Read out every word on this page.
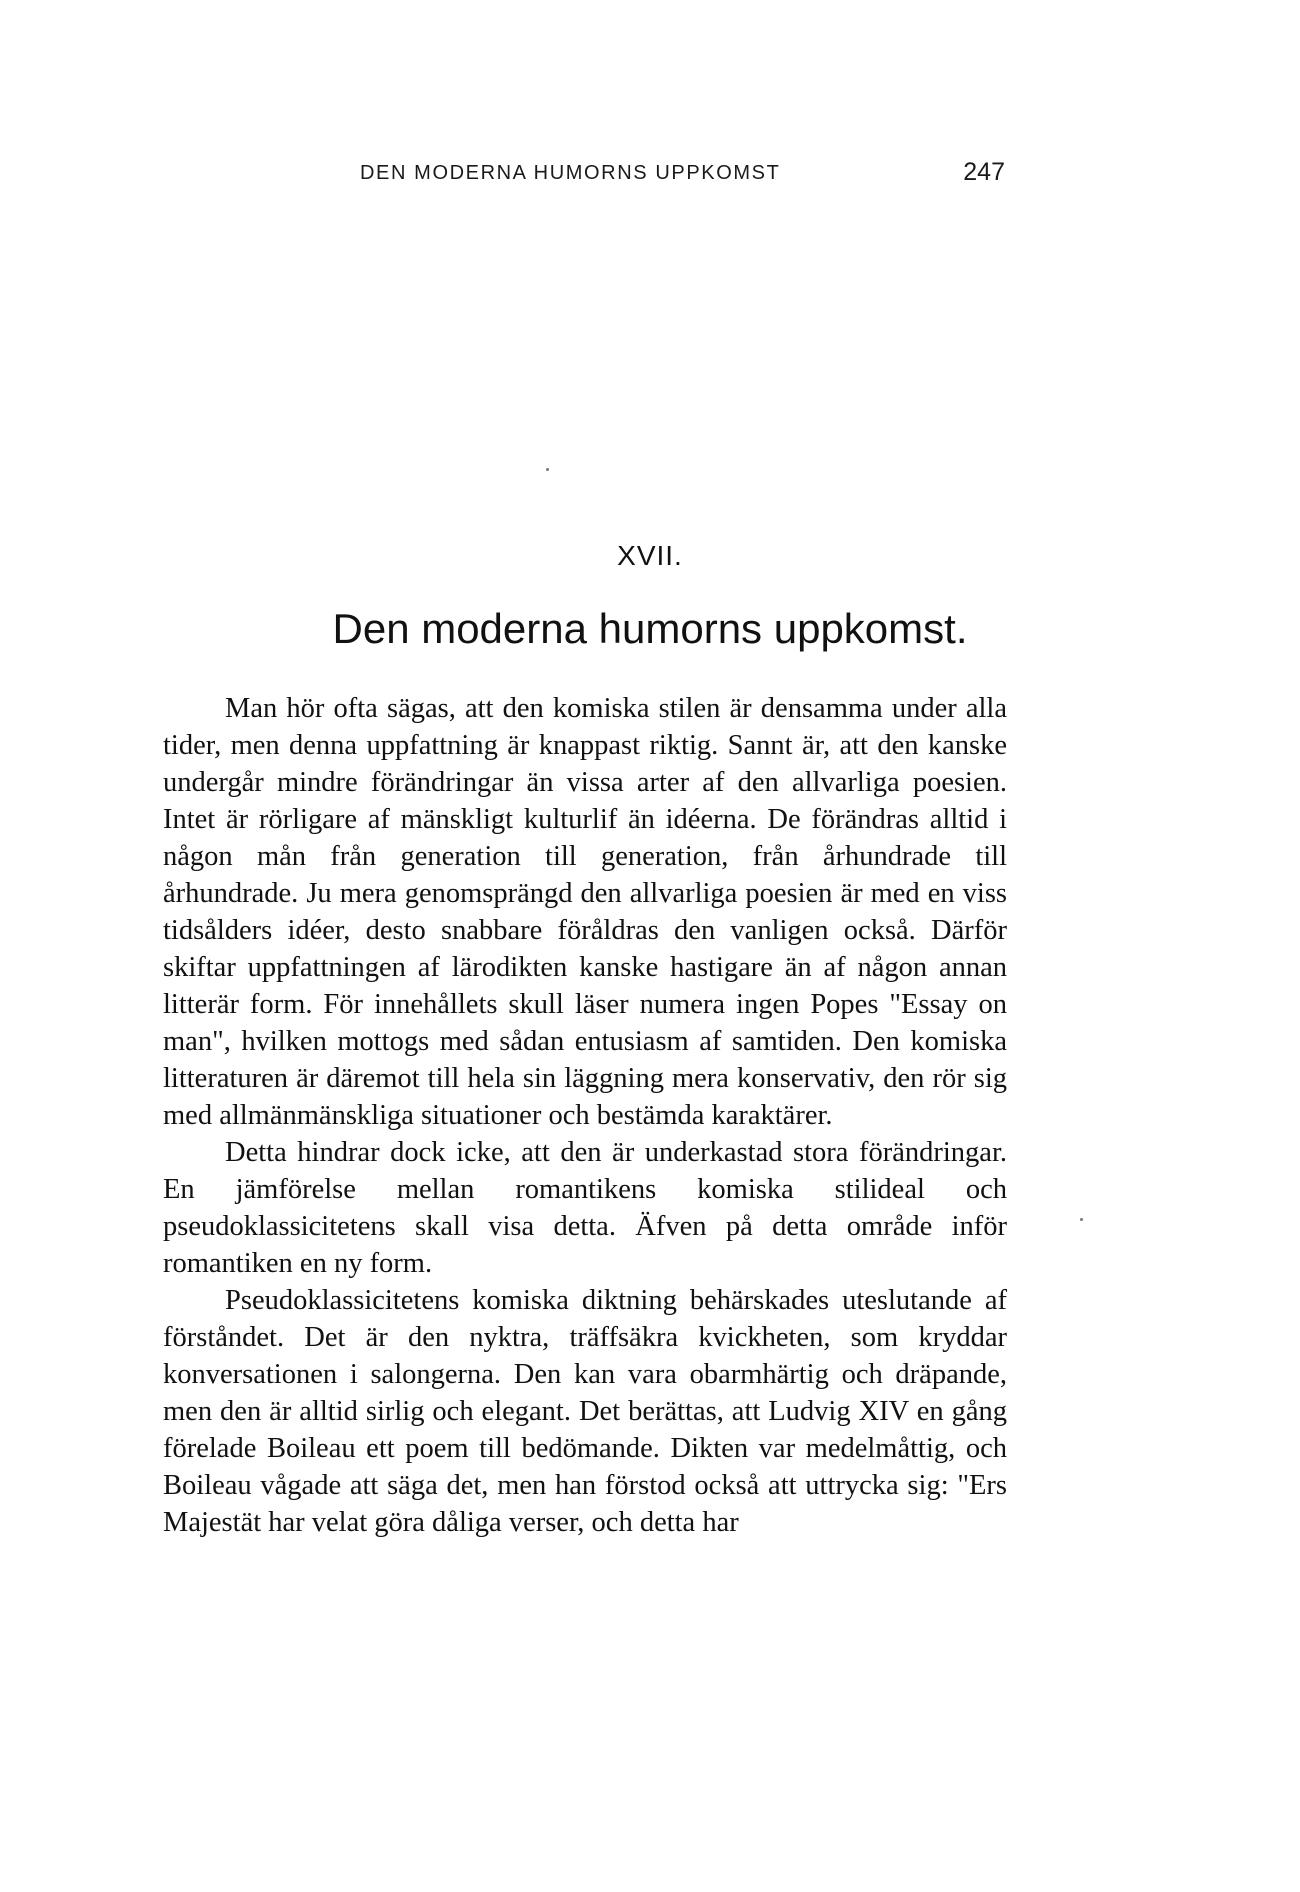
DEN MODERNA HUMORNS UPPKOMST	247
XVII.
Den moderna humorns uppkomst.

Man hör ofta sägas, att den komiska stilen är densamma under alla tider, men denna uppfattning är knappast riktig. Sannt är, att den kanske undergår mindre förändringar än vissa arter af den allvarliga poesien. Intet är rörligare af mänskligt kulturlif än idéerna. De förändras alltid i någon mån från generation till generation, från århundrade till århundrade. Ju mera genomsprängd den allvarliga poesien är med en viss tidsålders idéer, desto snabbare föråldras den vanligen också. Därför skiftar uppfattningen af lärodikten kanske hastigare än af någon annan litterär form. För innehållets skull läser numera ingen Popes "Essay on man", hvilken mottogs med sådan entusiasm af samtiden. Den komiska litteraturen är däremot till hela sin läggning mera konservativ, den rör sig med allmänmänskliga situationer och bestämda karaktärer.

Detta hindrar dock icke, att den är underkastad stora förändringar. En jämförelse mellan romantikens komiska stilideal och pseudoklassicitetens skall visa detta. Äfven på detta område inför romantiken en ny form.

Pseudoklassicitetens komiska diktning behärskades uteslutande af förståndet. Det är den nyktra, träffsäkra kvickheten, som kryddar konversationen i salongerna. Den kan vara obarmhärtig och dräpande, men den är alltid sirlig och elegant. Det berättas, att Ludvig XIV en gång förelade Boileau ett poem till bedömande. Dikten var medelmåttig, och Boileau vågade att säga det, men han förstod också att uttrycka sig: "Ers Majestät har velat göra dåliga verser, och detta har
